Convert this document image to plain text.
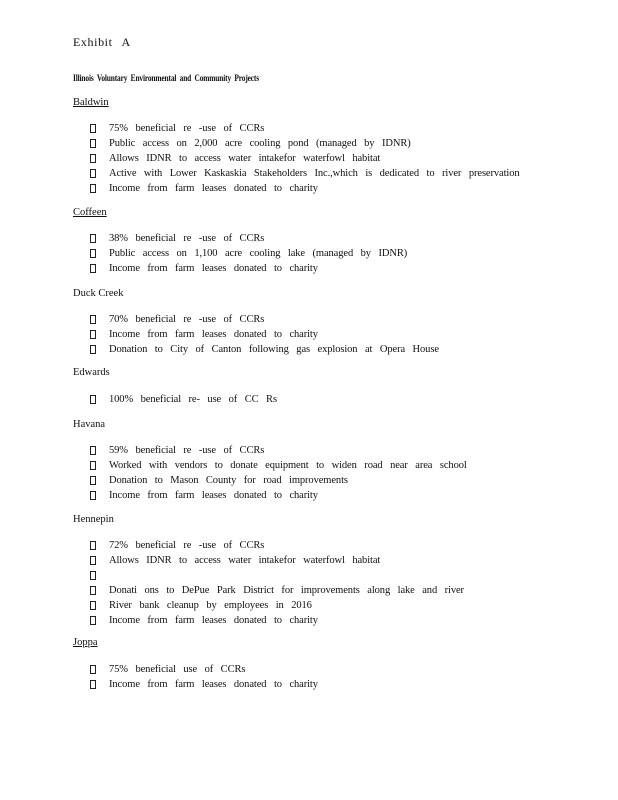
Exhibit A
Illinois  Voluntary  Environmental  and  Community  Projects
Baldwin
75% beneficial re -use of CCRs
Public access on 2,000 acre cooling pond (managed by IDNR)
Allows IDNR to access water intakefor waterfowl habitat
Active with Lower Kaskaskia Stakeholders Inc.,which is dedicated to river preservation
Income from farm leases donated to charity
Coffeen
38% beneficial re -use of CCRs
Public access on 1,100 acre cooling lake (managed by IDNR)
Income from farm leases donated to charity
Duck Creek
70% beneficial re -use of CCRs
Income from farm leases donated to charity
Donation to City of Canton following gas explosion at Opera House
Edwards
100% beneficial re- use of CC Rs
Havana
59% beneficial re -use of CCRs
Worked with vendors to donate equipment to widen road near area school
Donation to Mason County for road improvements
Income from farm leases donated to charity
Hennepin
72% beneficial re -use of CCRs
Allows IDNR to access water intakefor waterfowl habitat
Donati ons to DePue Park District for improvements along lake and river
River bank cleanup by employees in 2016
Income from farm leases donated to charity
Joppa
75% beneficial use of CCRs
Income from farm leases donated to charity
